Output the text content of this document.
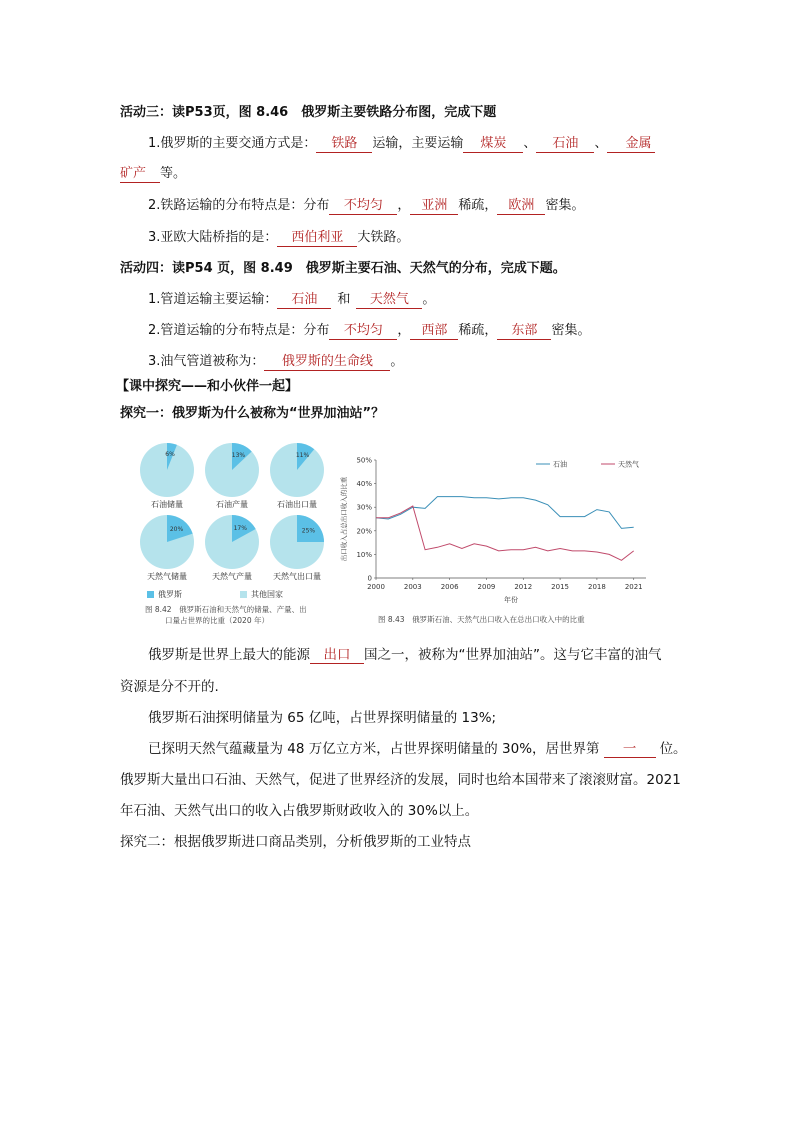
活动三：读P53页，图 8.46　俄罗斯主要铁路分布图，完成下题
1.俄罗斯的主要交通方式是： 铁路 运输，主要运输 煤炭 、 石油 、 金属
矿产 等。
2.铁路运输的分布特点是：分布 不均匀 ， 亚洲 稀疏， 欧洲 密集。
3.亚欧大陆桥指的是： 西伯利亚 大铁路。
活动四：读P54 页，图 8.49　俄罗斯主要石油、天然气的分布，完成下题。
1.管道运输主要运输： 石油 和 天然气 。
2.管道运输的分布特点是：分布 不均匀 ， 西部 稀疏， 东部 密集。
3.油气管道被称为： 俄罗斯的生命线 。
【课中探究——和小伙伴一起】
探究一：俄罗斯为什么被称为“世界加油站”？
6%
石油储量
13%
石油产量
11%
石油出口量
20%
天然气储量
17%
天然气产量
25%
天然气出口量
俄罗斯	其他国家
图 8.42　俄罗斯石油和天然气的储量、产量、出
口量占世界的比重（2020 年）
0
10%
20%
30%
40%
50%
2000	2003	2006	2009	2012	2015	2018	2021
年份
出口收入占总出口收入的比重
石油	天然气
图 8.43　俄罗斯石油、天然气出口收入在总出口收入中的比重
俄罗斯是世界上最大的能源 出口 国之一，被称为“世界加油站”。这与它丰富的油气
资源是分不开的.
俄罗斯石油探明储量为 65 亿吨，占世界探明储量的 13%;
已探明天然气蕴藏量为 48 万亿立方米，占世界探明储量的 30%，居世界第 一 位。
俄罗斯大量出口石油、天然气，促进了世界经济的发展，同时也给本国带来了滚滚财富。2021
年石油、天然气出口的收入占俄罗斯财政收入的 30%以上。
探究二：根据俄罗斯进口商品类别，分析俄罗斯的工业特点
